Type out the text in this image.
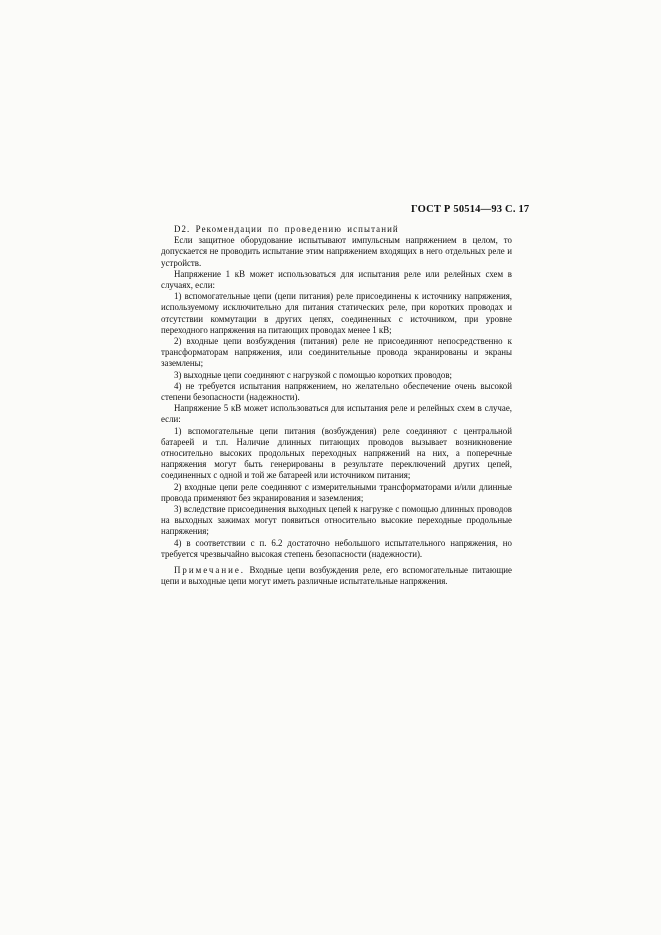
ГОСТ Р 50514—93 С. 17

D2. Рекомендации по проведению испытаний

Если защитное оборудование испытывают импульсным напряжением в целом, то допускается не проводить испытание этим напряжением входящих в него отдельных реле и устройств.

Напряжение 1 кВ может использоваться для испытания реле или релейных схем в случаях, если:

1) вспомогательные цепи (цепи питания) реле присоединены к источнику напряжения, используемому исключительно для питания статических реле, при коротких проводах и отсутствии коммутации в других цепях, соединенных с источником, при уровне переходного напряжения на питающих проводах менее 1 кВ;

2) входные цепи возбуждения (питания) реле не присоединяют непосредственно к трансформаторам напряжения, или соединительные провода экранированы и экраны заземлены;

3) выходные цепи соединяют с нагрузкой с помощью коротких проводов;

4) не требуется испытания напряжением, но желательно обеспечение очень высокой степени безопасности (надежности).

Напряжение 5 кВ может использоваться для испытания реле и релейных схем в случае, если:

1) вспомогательные цепи питания (возбуждения) реле соединяют с центральной батареей и т.п. Наличие длинных питающих проводов вызывает возникновение относительно высоких продольных переходных напряжений на них, а поперечные напряжения могут быть генерированы в результате переключений других цепей, соединенных с одной и той же батареей или источником питания;

2) входные цепи реле соединяют с измерительными трансформаторами и/или длинные провода применяют без экранирования и заземления;

3) вследствие присоединения выходных цепей к нагрузке с помощью длинных проводов на выходных зажимах могут появиться относительно высокие переходные продольные напряжения;

4) в соответствии с п. 6.2 достаточно небольшого испытательного напряжения, но требуется чрезвычайно высокая степень безопасности (надежности).

Примечание. Входные цепи возбуждения реле, его вспомогательные питающие цепи и выходные цепи могут иметь различные испытательные напряжения.
